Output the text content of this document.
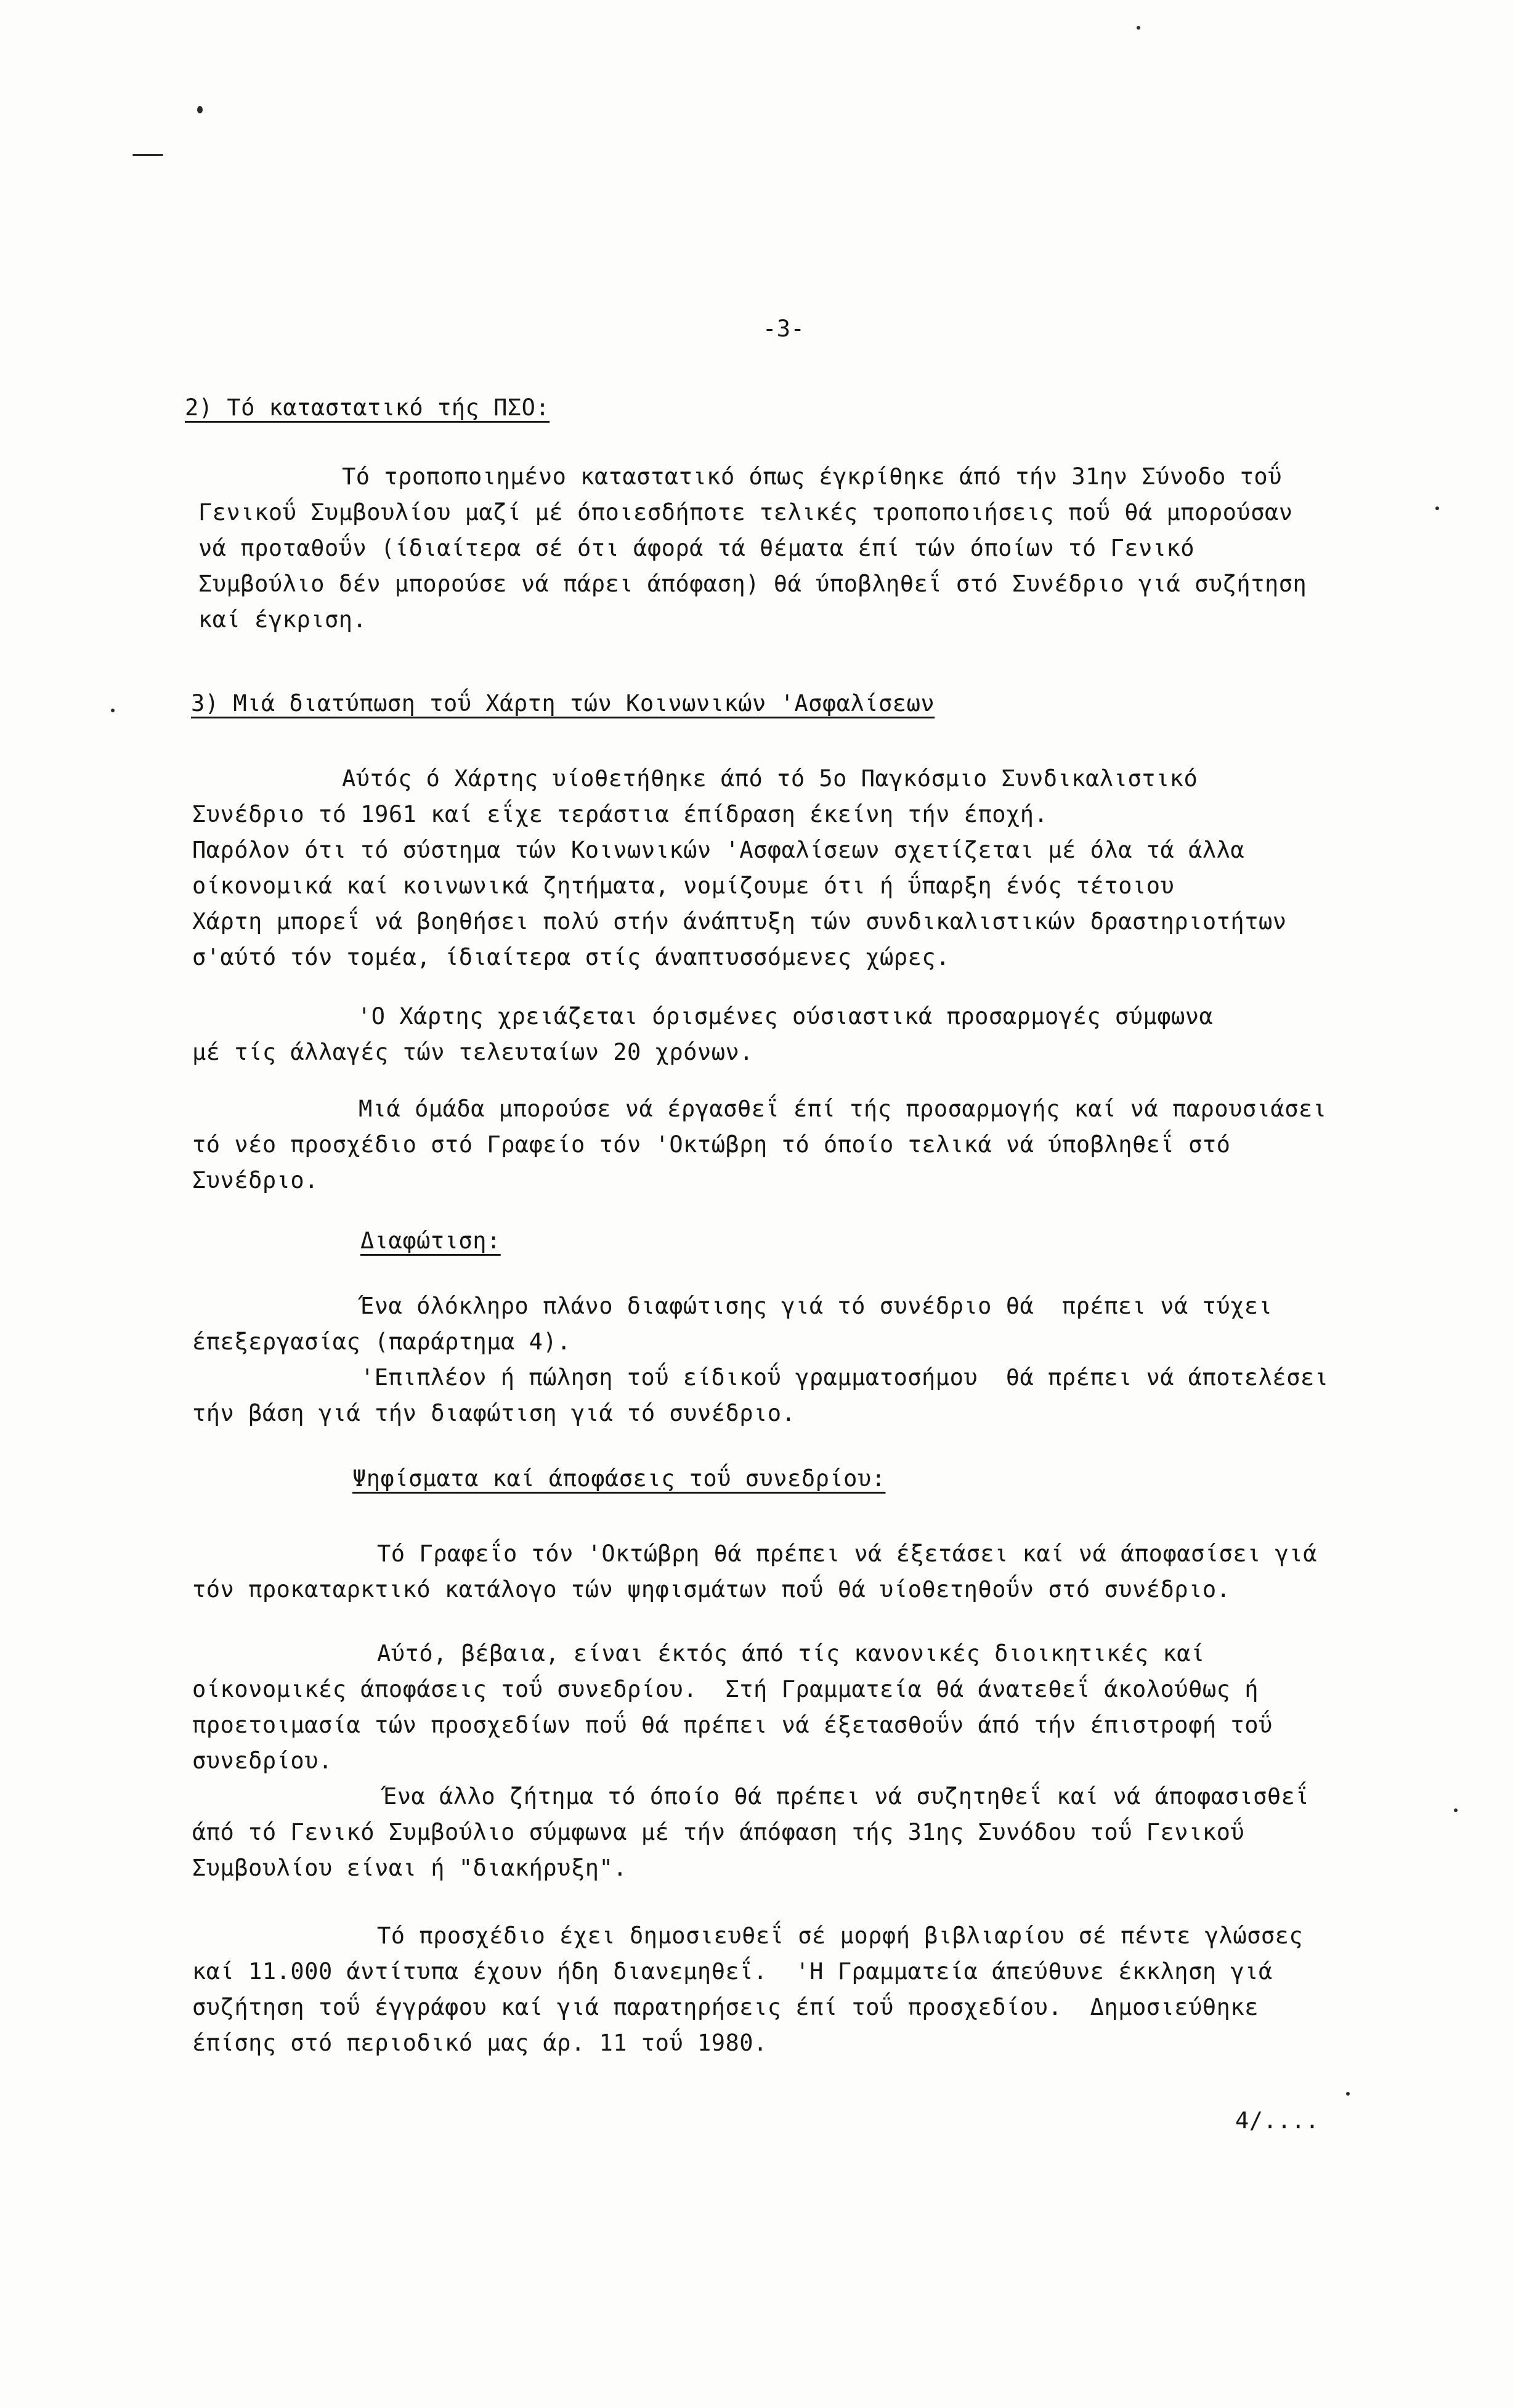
-3-
2) Τό καταστατικό τής ΠΣΟ:
Τό τροποποιημένο καταστατικό όπως έγκρίθηκε άπό τήν 31ην Σύνοδο τοΰ
Γενικοΰ Συμβουλίου μαζί μέ όποιεσδήποτε τελικές τροποποιήσεις ποΰ θά μπορούσαν
νά προταθοΰν (ίδιαίτερα σέ ότι άφορά τά θέματα έπί τών όποίων τό Γενικό
Συμβούλιο δέν μπορούσε νά πάρει άπόφαση) θά ύποβληθεΐ στό Συνέδριο γιά συζήτηση
καί έγκριση.
3) Μιά διατύπωση τοΰ Χάρτη τών Κοινωνικών 'Ασφαλίσεων
Αύτός ό Χάρτης υίοθετήθηκε άπό τό 5ο Παγκόσμιο Συνδικαλιστικό
Συνέδριο τό 1961 καί εΐχε τεράστια έπίδραση έκείνη τήν έποχή.
Παρόλον ότι τό σύστημα τών Κοινωνικών 'Ασφαλίσεων σχετίζεται μέ όλα τά άλλα
οίκονομικά καί κοινωνικά ζητήματα, νομίζουμε ότι ή ΰπαρξη ένός τέτοιου
Χάρτη μπορεΐ νά βοηθήσει πολύ στήν άνάπτυξη τών συνδικαλιστικών δραστηριοτήτων
σ'αύτό τόν τομέα, ίδιαίτερα στίς άναπτυσσόμενες χώρες.
'Ο Χάρτης χρειάζεται όρισμένες ούσιαστικά προσαρμογές σύμφωνα
μέ τίς άλλαγές τών τελευταίων 20 χρόνων.
Μιά όμάδα μπορούσε νά έργασθεΐ έπί τής προσαρμογής καί νά παρουσιάσει
τό νέο προσχέδιο στό Γραφείο τόν 'Οκτώβρη τό όποίο τελικά νά ύποβληθεΐ στό
Συνέδριο.
Διαφώτιση:
Ένα όλόκληρο πλάνο διαφώτισης γιά τό συνέδριο θά  πρέπει νά τύχει
έπεξεργασίας (παράρτημα 4).
'Επιπλέον ή πώληση τοΰ είδικοΰ γραμματοσήμου  θά πρέπει νά άποτελέσει
τήν βάση γιά τήν διαφώτιση γιά τό συνέδριο.
Ψηφίσματα καί άποφάσεις τοΰ συνεδρίου:
Τό Γραφεΐο τόν 'Οκτώβρη θά πρέπει νά έξετάσει καί νά άποφασίσει γιά
τόν προκαταρκτικό κατάλογο τών ψηφισμάτων ποΰ θά υίοθετηθοΰν στό συνέδριο.
Αύτό, βέβαια, είναι έκτός άπό τίς κανονικές διοικητικές καί
οίκονομικές άποφάσεις τοΰ συνεδρίου.  Στή Γραμματεία θά άνατεθεΐ άκολούθως ή
προετοιμασία τών προσχεδίων ποΰ θά πρέπει νά έξετασθοΰν άπό τήν έπιστροφή τοΰ
συνεδρίου.
Ένα άλλο ζήτημα τό όποίο θά πρέπει νά συζητηθεΐ καί νά άποφασισθεΐ
άπό τό Γενικό Συμβούλιο σύμφωνα μέ τήν άπόφαση τής 31ης Συνόδου τοΰ Γενικοΰ
Συμβουλίου είναι ή "διακήρυξη".
Τό προσχέδιο έχει δημοσιευθεΐ σέ μορφή βιβλιαρίου σέ πέντε γλώσσες
καί 11.000 άντίτυπα έχουν ήδη διανεμηθεΐ.  'Η Γραμματεία άπεύθυνε έκκληση γιά
συζήτηση τοΰ έγγράφου καί γιά παρατηρήσεις έπί τοΰ προσχεδίου.  Δημοσιεύθηκε
έπίσης στό περιοδικό μας άρ. 11 τοΰ 1980.
4/....
